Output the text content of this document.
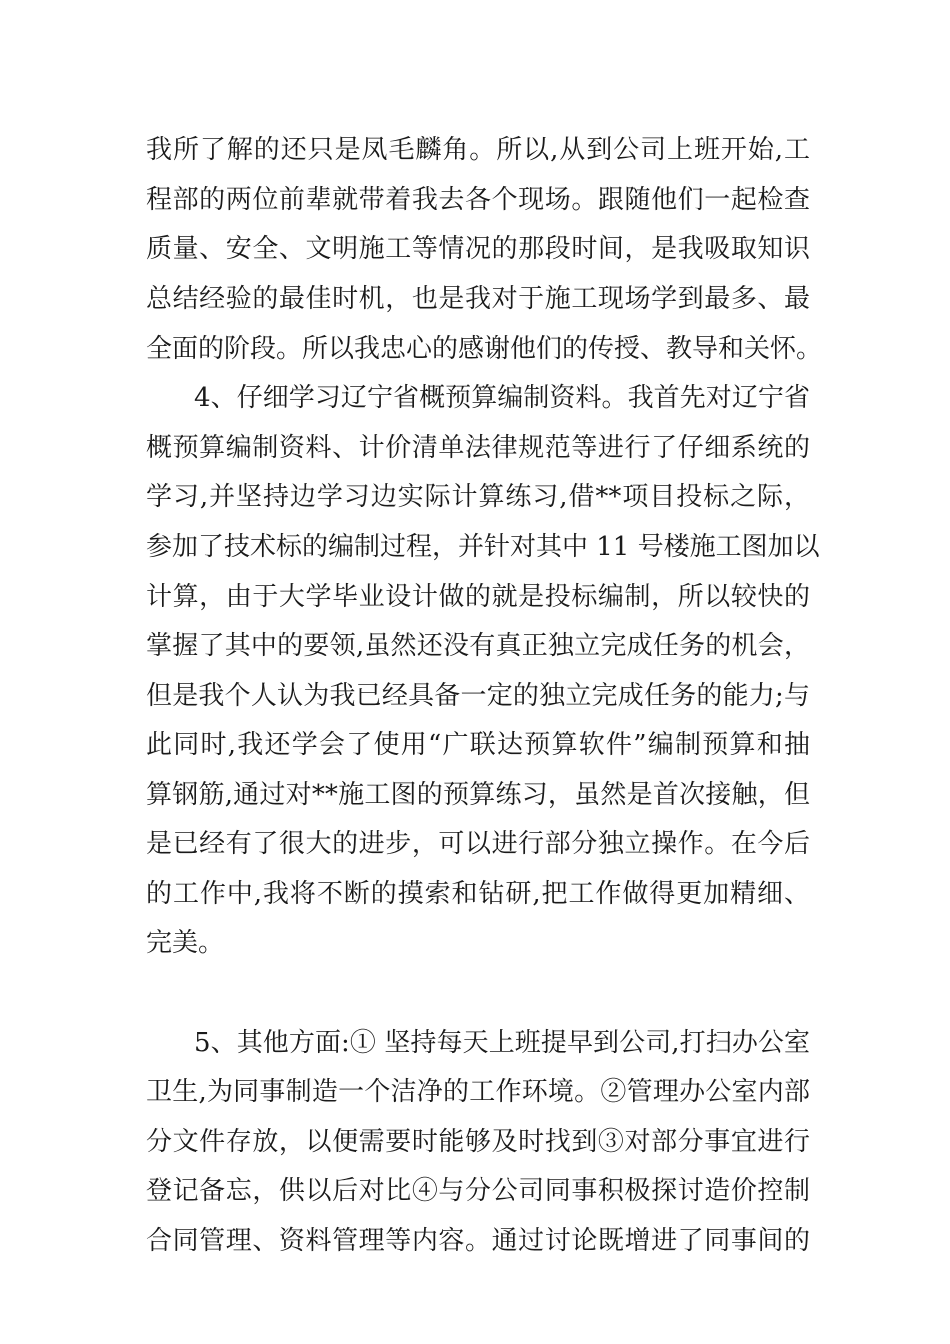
我所了解的还只是凤毛麟角。所以,从到公司上班开始,工
程部的两位前辈就带着我去各个现场。跟随他们一起检查
质量、安全、文明施工等情况的那段时间，是我吸取知识
总结经验的最佳时机，也是我对于施工现场学到最多、最
全面的阶段。所以我忠心的感谢他们的传授、教导和关怀。
4、仔细学习辽宁省概预算编制资料。我首先对辽宁省
概预算编制资料、计价清单法律规范等进行了仔细系统的
学习,并坚持边学习边实际计算练习,借**项目投标之际，
参加了技术标的编制过程，并针对其中 11 号楼施工图加以
计算，由于大学毕业设计做的就是投标编制，所以较快的
掌握了其中的要领,虽然还没有真正独立完成任务的机会，
但是我个人认为我已经具备一定的独立完成任务的能力;与
此同时,我还学会了使用“广联达预算软件”编制预算和抽
算钢筋,通过对**施工图的预算练习，虽然是首次接触，但
是已经有了很大的进步，可以进行部分独立操作。在今后
的工作中,我将不断的摸索和钻研,把工作做得更加精细、
完美。
5、其他方面:① 坚持每天上班提早到公司,打扫办公室
卫生,为同事制造一个洁净的工作环境。②管理办公室内部
分文件存放，以便需要时能够及时找到③对部分事宜进行
登记备忘，供以后对比④与分公司同事积极探讨造价控制
合同管理、资料管理等内容。通过讨论既增进了同事间的
